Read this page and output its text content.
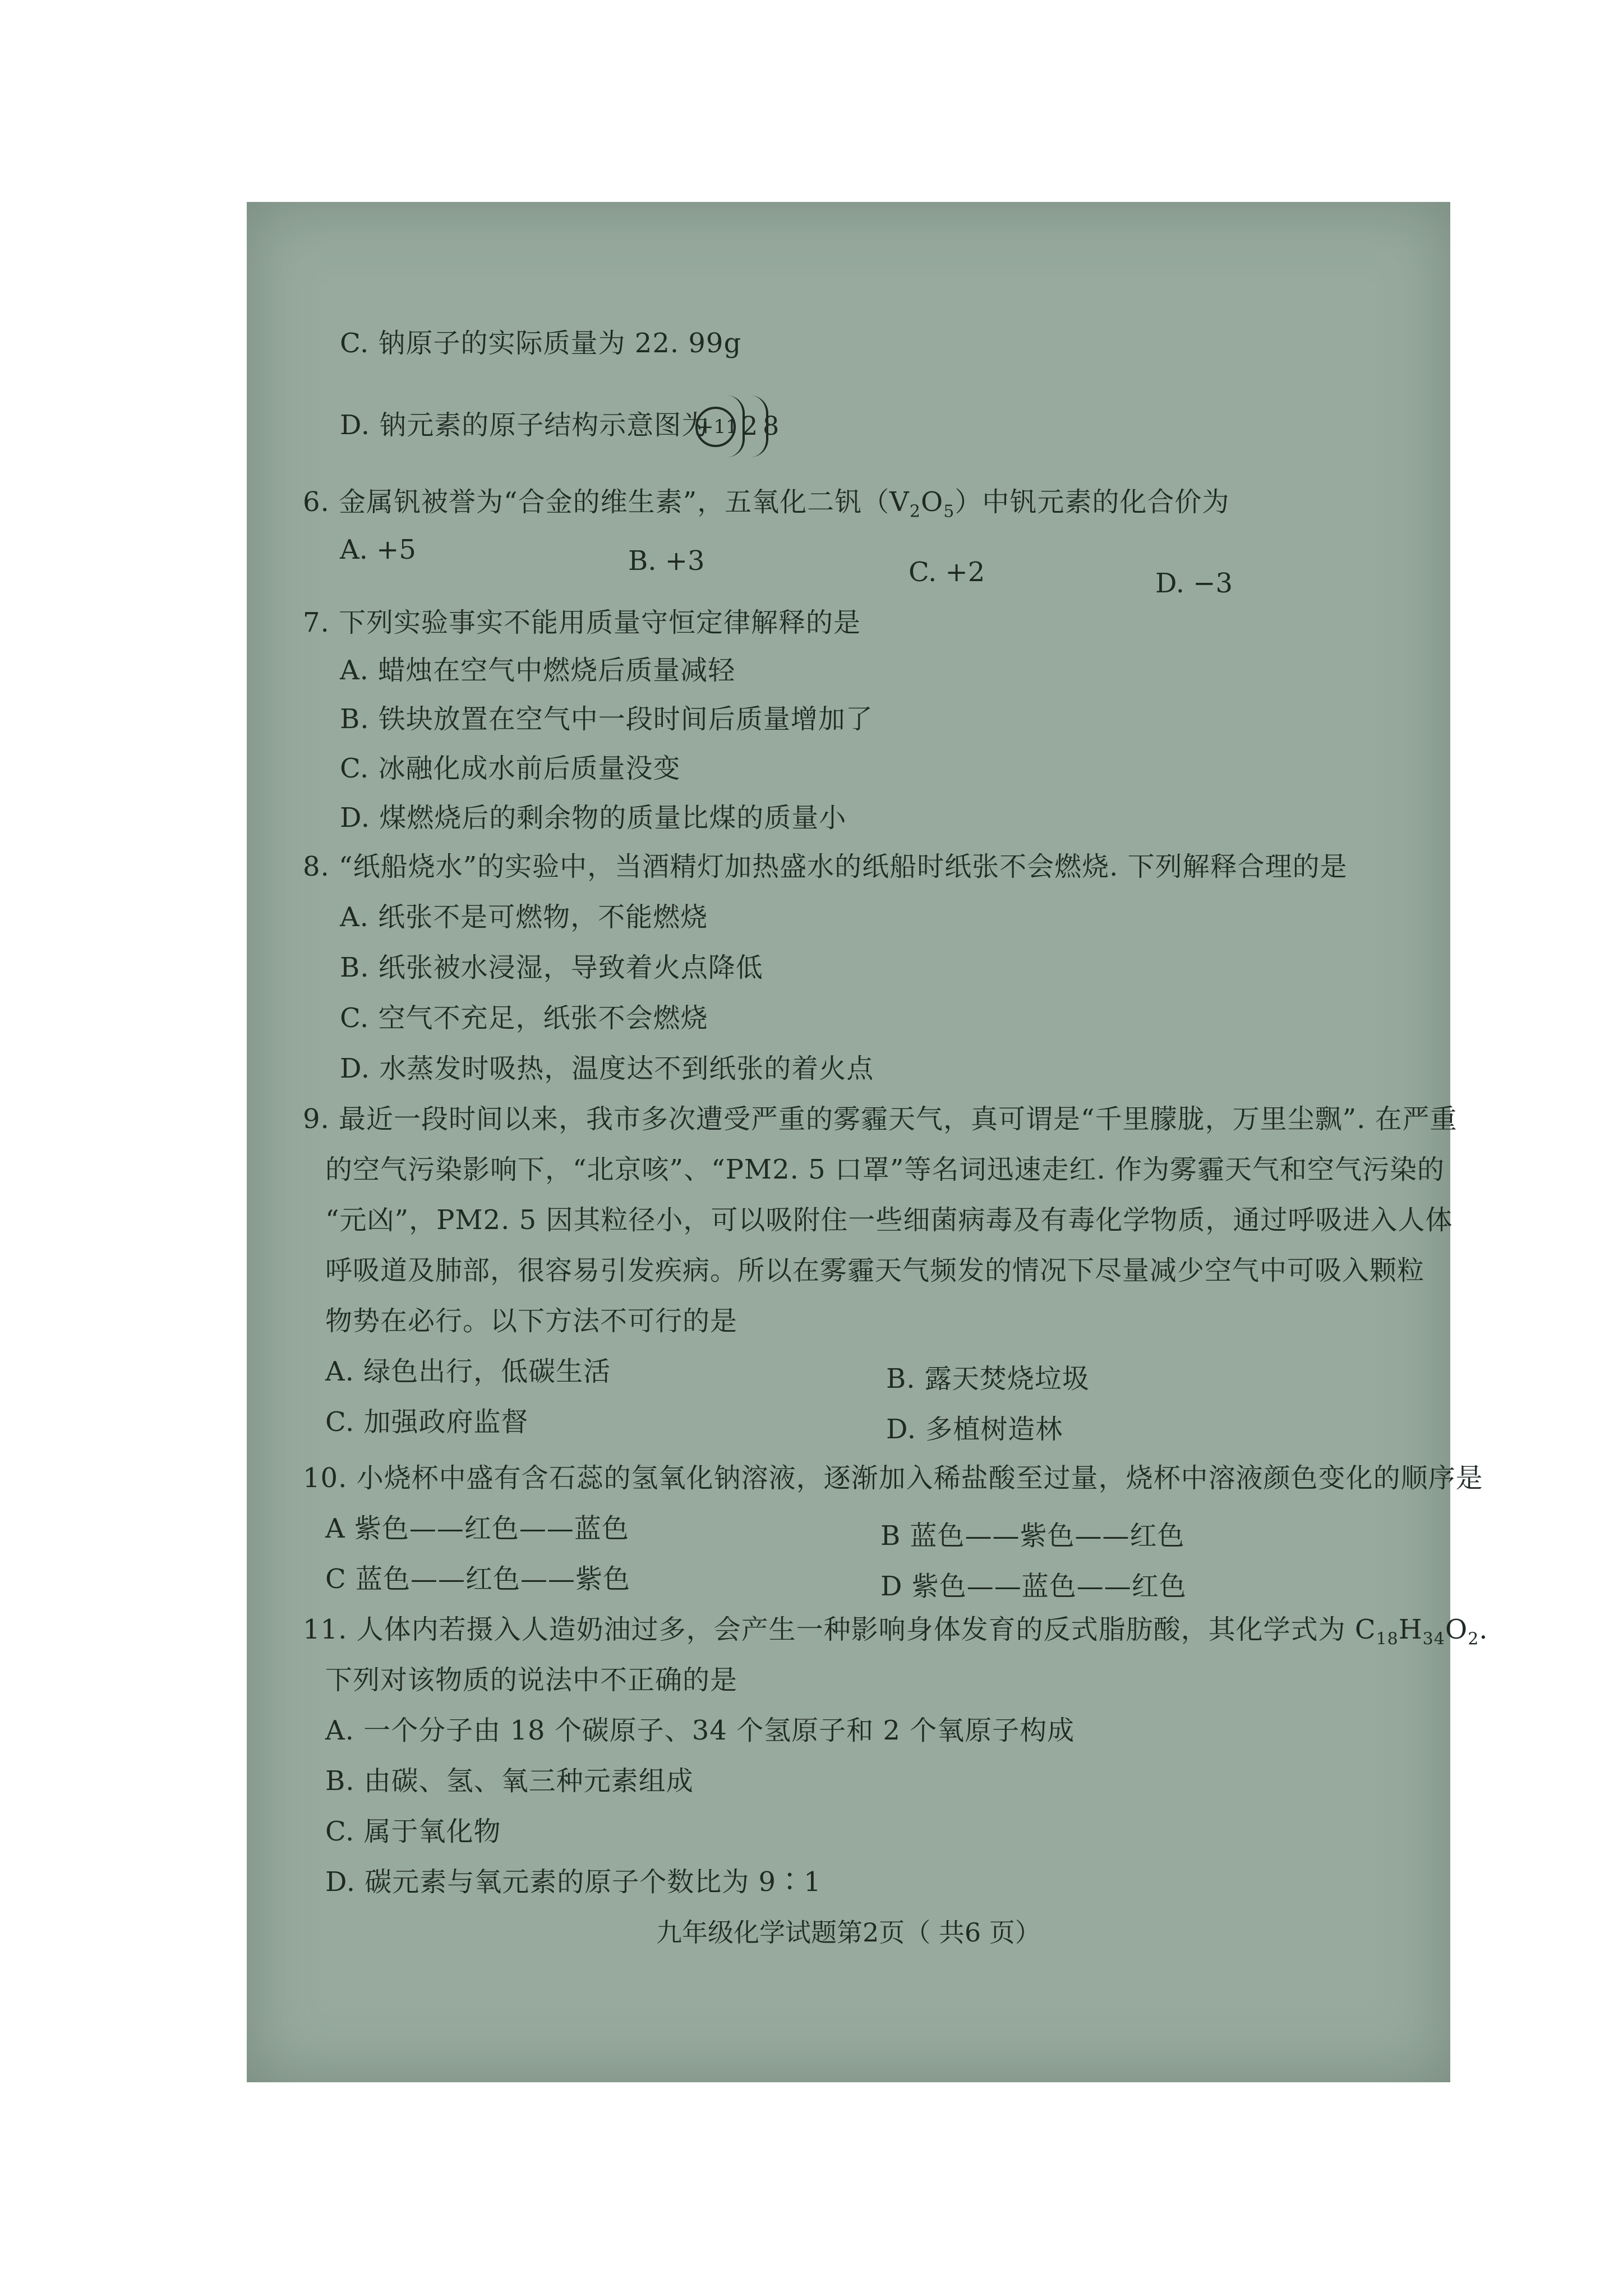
C. 钠原子的实际质量为 22. 99g
D. 钠元素的原子结构示意图为
+11 2 8
6. 金属钒被誉为“合金的维生素”，五氧化二钒$(V_2O_5)$中钒元素的化合价为
A. +5	B. +3	C. +2	D. −3
7. 下列实验事实不能用质量守恒定律解释的是
A. 蜡烛在空气中燃烧后质量减轻
B. 铁块放置在空气中一段时间后质量增加了
C. 冰融化成水前后质量没变
D. 煤燃烧后的剩余物的质量比煤的质量小
8. “纸船烧水”的实验中，当酒精灯加热盛水的纸船时纸张不会燃烧. 下列解释合理的是
A. 纸张不是可燃物，不能燃烧
B. 纸张被水浸湿，导致着火点降低
C. 空气不充足，纸张不会燃烧
D. 水蒸发时吸热，温度达不到纸张的着火点
9. 最近一段时间以来，我市多次遭受严重的雾霾天气，真可谓是“千里朦胧，万里尘飘”. 在严重
的空气污染影响下，“北京咳”、“PM2. 5 口罩”等名词迅速走红. 作为雾霾天气和空气污染的
“元凶”，PM2. 5 因其粒径小，可以吸附住一些细菌病毒及有毒化学物质，通过呼吸进入人体
呼吸道及肺部，很容易引发疾病。所以在雾霾天气频发的情况下尽量减少空气中可吸入颗粒
物势在必行。以下方法不可行的是
A. 绿色出行，低碳生活	B. 露天焚烧垃圾
C. 加强政府监督	D. 多植树造林
10. 小烧杯中盛有含石蕊的氢氧化钠溶液，逐渐加入稀盐酸至过量，烧杯中溶液颜色变化的顺序是
A 紫色——红色——蓝色	B 蓝色——紫色——红色
C 蓝色——红色——紫色	D 紫色——蓝色——红色
11. 人体内若摄入人造奶油过多，会产生一种影响身体发育的反式脂肪酸，其化学式为 $C_{18}H_{34}O_2$.
下列对该物质的说法中不正确的是
A. 一个分子由 18 个碳原子、34 个氢原子和 2 个氧原子构成
B. 由碳、氢、氧三种元素组成
C. 属于氧化物
D. 碳元素与氧元素的原子个数比为 9∶1
九年级化学试题第2页（ 共6 页）
